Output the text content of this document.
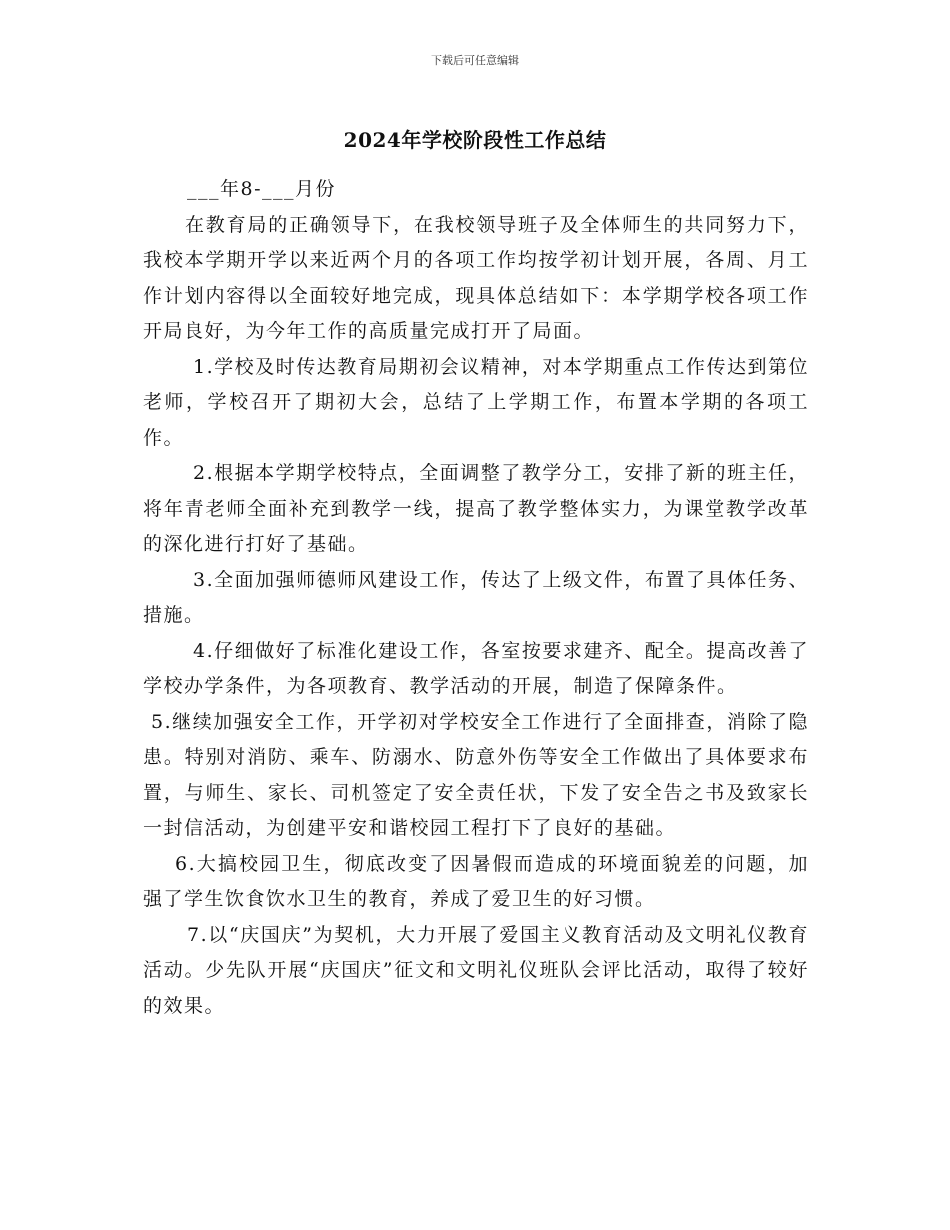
下载后可任意编辑
2024年学校阶段性工作总结

___年8-___月份

在教育局的正确领导下，在我校领导班子及全体师生的共同努力下，我校本学期开学以来近两个月的各项工作均按学初计划开展，各周、月工作计划内容得以全面较好地完成，现具体总结如下：本学期学校各项工作开局良好，为今年工作的高质量完成打开了局面。

1.学校及时传达教育局期初会议精神，对本学期重点工作传达到第位老师，学校召开了期初大会，总结了上学期工作，布置本学期的各项工作。

2.根据本学期学校特点，全面调整了教学分工，安排了新的班主任，将年青老师全面补充到教学一线，提高了教学整体实力，为课堂教学改革的深化进行打好了基础。

3.全面加强师德师风建设工作，传达了上级文件，布置了具体任务、措施。

4.仔细做好了标准化建设工作，各室按要求建齐、配全。提高改善了学校办学条件，为各项教育、教学活动的开展，制造了保障条件。

5.继续加强安全工作，开学初对学校安全工作进行了全面排查，消除了隐患。特别对消防、乘车、防溺水、防意外伤等安全工作做出了具体要求布置，与师生、家长、司机签定了安全责任状，下发了安全告之书及致家长一封信活动，为创建平安和谐校园工程打下了良好的基础。

6.大搞校园卫生，彻底改变了因暑假而造成的环境面貌差的问题，加强了学生饮食饮水卫生的教育，养成了爱卫生的好习惯。

7.以“庆国庆”为契机，大力开展了爱国主义教育活动及文明礼仪教育活动。少先队开展“庆国庆”征文和文明礼仪班队会评比活动，取得了较好的效果。
